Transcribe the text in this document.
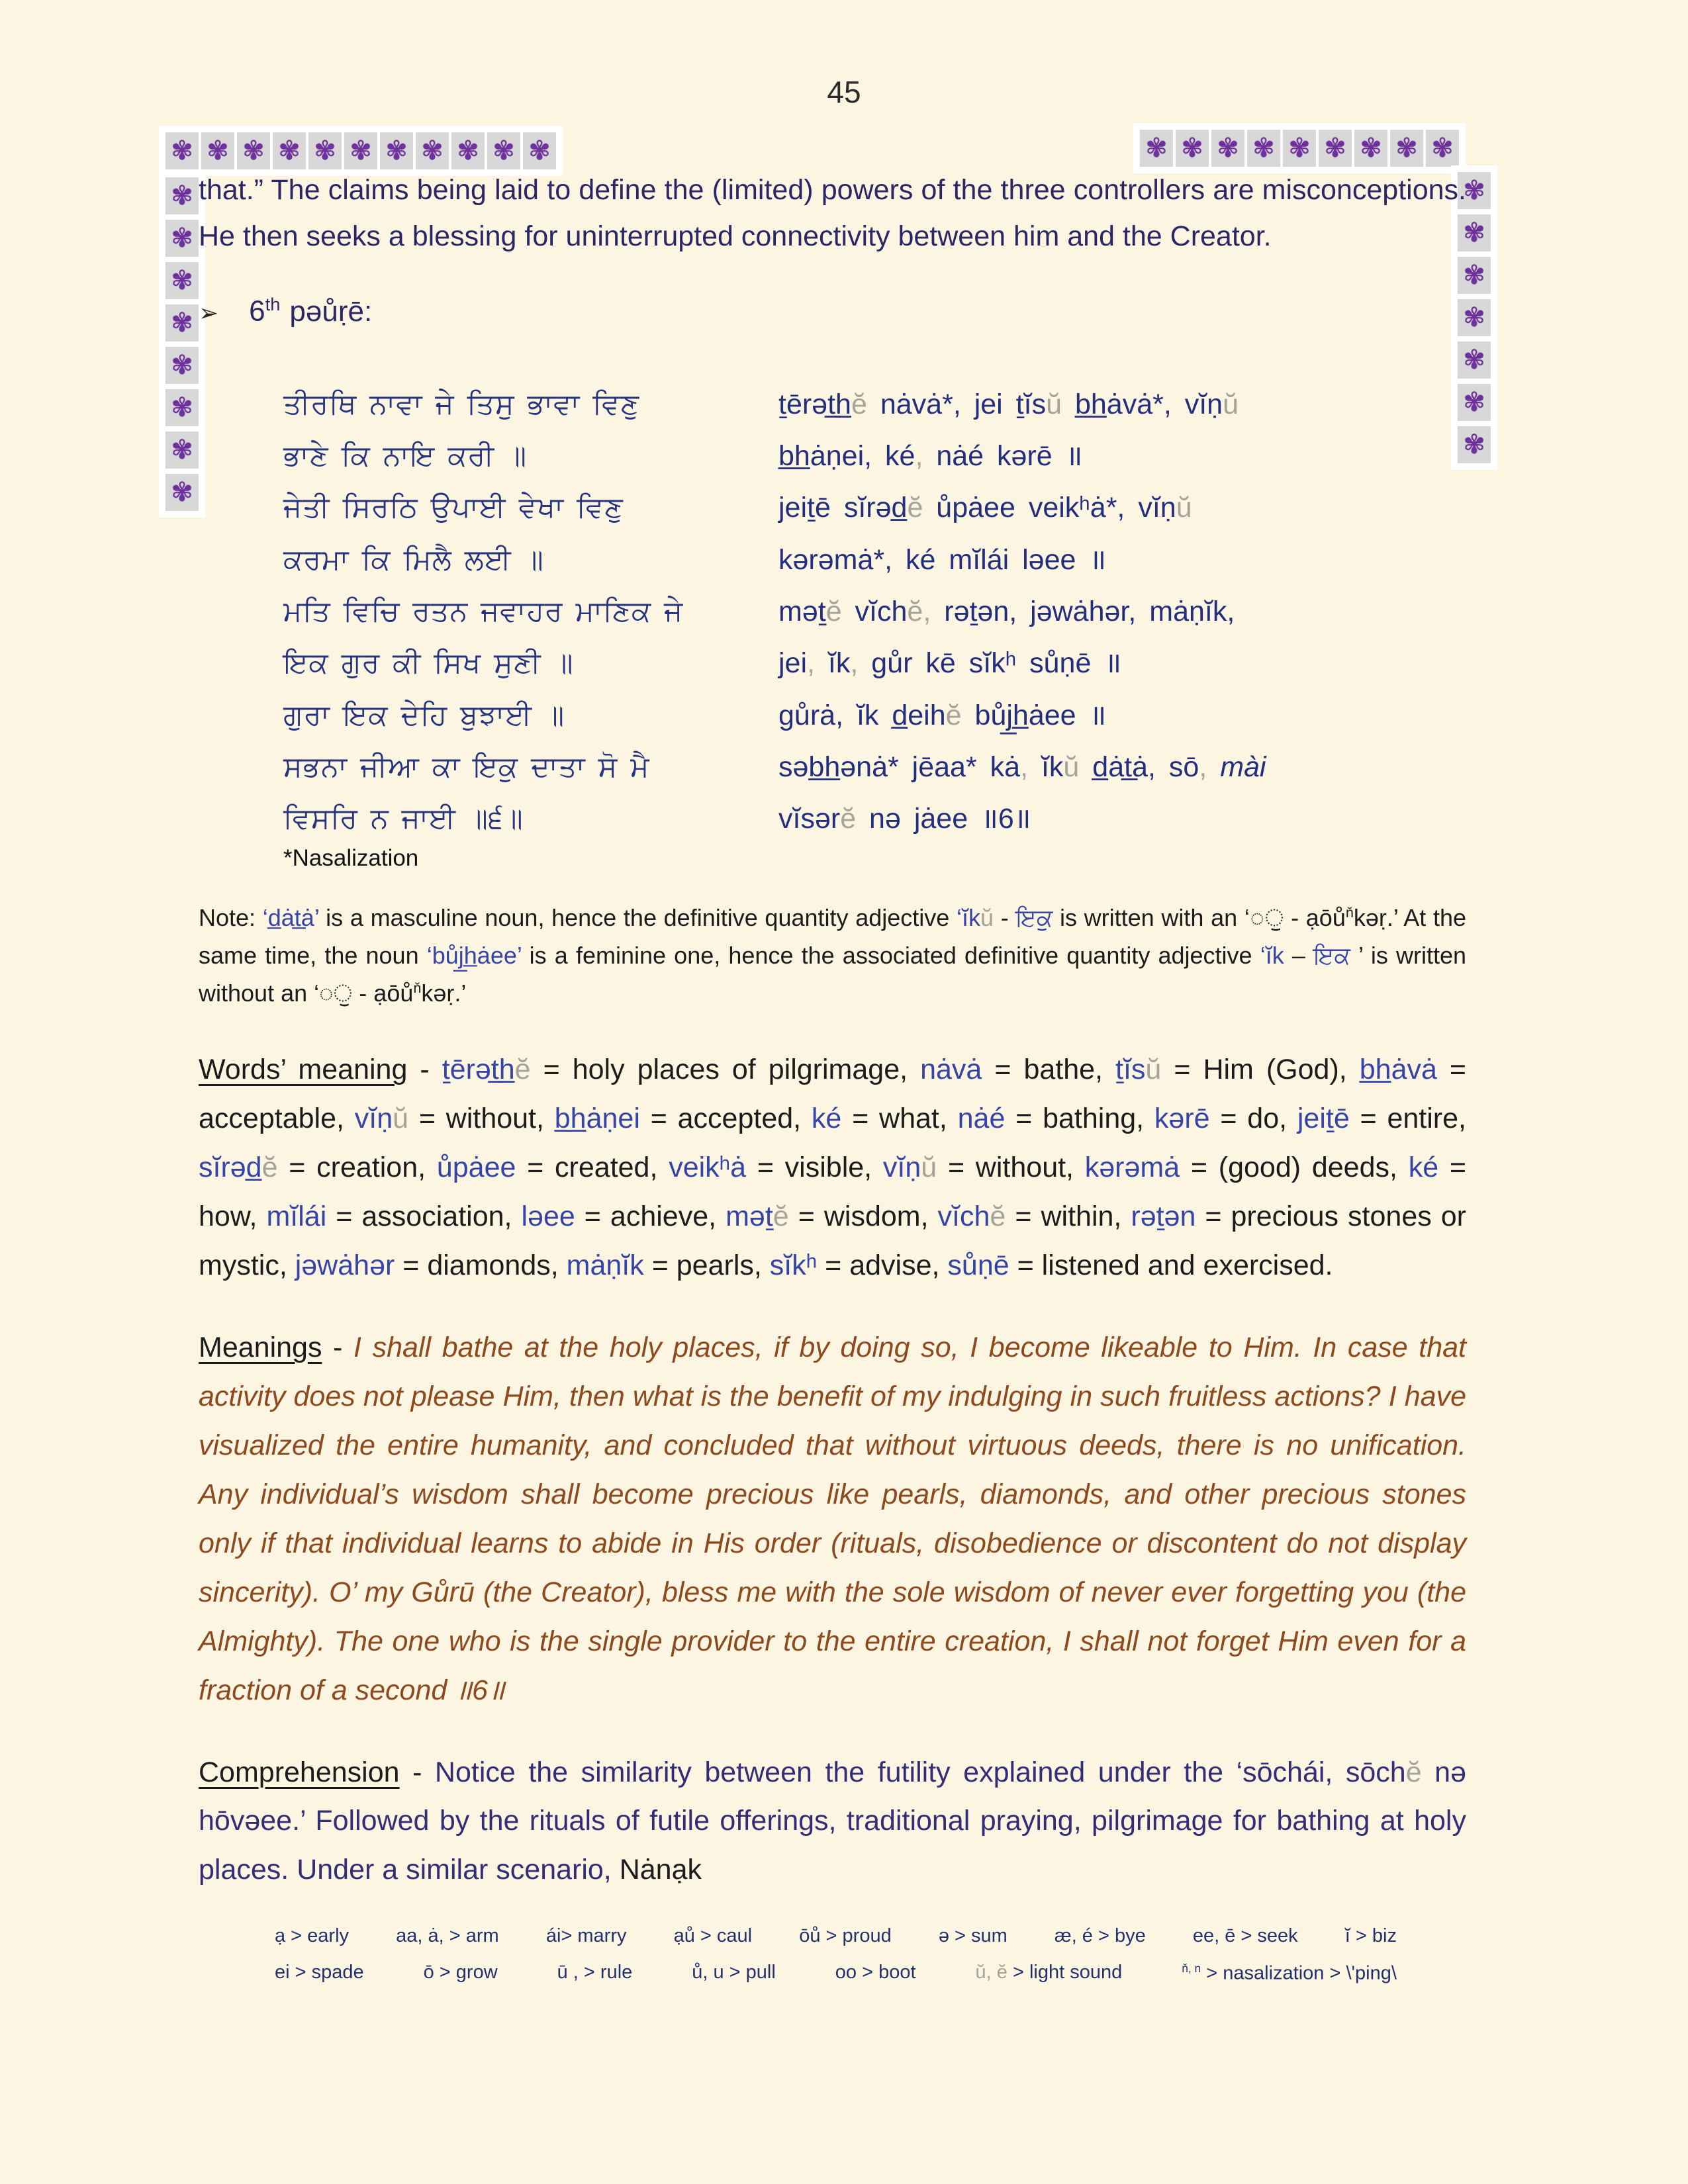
45
✾ ✾ ✾ ✾ ✾ ✾ ✾ ✾ ✾ ✾ ✾
✾
✾
✾
✾
✾
✾
✾
✾
✾ ✾ ✾ ✾ ✾ ✾ ✾ ✾ ✾
✾
✾
✾
✾
✾
✾
✾

that.” The claims being laid to define the (limited) powers of the three controllers are misconceptions. He then seeks a blessing for uninterrupted connectivity between him and the Creator.

➢ 6th pəůṛē:
ਤੀਰਥਿ ਨਾਵਾ ਜੇ ਤਿਸੁ ਭਾਵਾ ਵਿਣੁ	ṯērət̲h̲ĕ nȧvȧ*, jei ṯĭsŭ b̲h̲ȧvȧ*, vĭṇŭ
ਭਾਣੇ ਕਿ ਨਾਇ ਕਰੀ ॥	b̲h̲ȧṇei, ké, nȧé kərē ॥
ਜੇਤੀ ਸਿਰਠਿ ਉਪਾਈ ਵੇਖਾ ਵਿਣੁ	jeiṯē sĭrəd̲ĕ ůpȧee veikʰȧ*, vĭṇŭ
ਕਰਮਾ ਕਿ ਮਿਲੈ ਲਈ ॥	kərəmȧ*, ké mĭlái ləee ॥
ਮਤਿ ਵਿਚਿ ਰਤਨ ਜਵਾਹਰ ਮਾਣਿਕ ਜੇ	məṯĕ vĭchĕ, rəṯən, jəwȧhər, mȧṇĭk,
ਇਕ ਗੁਰ ਕੀ ਸਿਖ ਸੁਣੀ ॥	jei, ĭk, gůr kē sĭkʰ sůṇē ॥
ਗੁਰਾ ਇਕ ਦੇਹਿ ਬੁਝਾਈ ॥	gůrȧ, ĭk d̲eihĕ bůj̲h̲ȧee ॥
ਸਭਨਾ ਜੀਆ ਕਾ ਇਕੁ ਦਾਤਾ ਸੋ ਮੈ	səb̲h̲ənȧ* jēaa* kȧ, ĭkŭ d̲ȧt̲ȧ, sō, mài
ਵਿਸਰਿ ਨ ਜਾਈ ॥੬॥	vĭsərĕ nə jȧee ॥6॥
*Nasalization

Note: ‘d̲ȧt̲ȧ’ is a masculine noun, hence the definitive quantity adjective ‘ĭkŭ - ਇਕੁ is written with an ‘◌ੁ - ạōů$^ň$kəṛ.’ At the same time, the noun ‘bůj̲h̲ȧee’ is a feminine one, hence the associated definitive quantity adjective ‘ĭk – ਇਕ ’ is written without an ‘◌ੁ - ạōů$^ň$kəṛ.’

Words’ meaning - ṯērət̲h̲ĕ = holy places of pilgrimage, nȧvȧ = bathe, ṯĭsŭ = Him (God), b̲h̲ȧvȧ = acceptable, vĭṇŭ = without, b̲h̲ȧṇei = accepted, ké = what, nȧé = bathing, kərē = do, jeiṯē = entire, sĭrəd̲ĕ = creation, ůpȧee = created, veikʰȧ = visible, vĭṇŭ = without, kərəmȧ = (good) deeds, ké = how, mĭlái = association, ləee = achieve, məṯĕ = wisdom, vĭchĕ = within, rəṯən = precious stones or mystic, jəwȧhər = diamonds, mȧṇĭk = pearls, sĭkʰ = advise, sůṇē = listened and exercised.

Meanings - I shall bathe at the holy places, if by doing so, I become likeable to Him. In case that activity does not please Him, then what is the benefit of my indulging in such fruitless actions? I have visualized the entire humanity, and concluded that without virtuous deeds, there is no unification. Any individual’s wisdom shall become precious like pearls, diamonds, and other precious stones only if that individual learns to abide in His order (rituals, disobedience or discontent do not display sincerity). O’ my Gůrū (the Creator), bless me with the sole wisdom of never ever forgetting you (the Almighty). The one who is the single provider to the entire creation, I shall not forget Him even for a fraction of a second ॥6॥

Comprehension - Notice the similarity between the futility explained under the ‘sōchái, sōchĕ nə hōvəee.’ Followed by the rituals of futile offerings, traditional praying, pilgrimage for bathing at holy places. Under a similar scenario, Nȧnạk

ạ > early aa, ȧ, > arm ái> marry ạů > caul ōů > proud ə > sum æ, é > bye ee, ē > seek ĭ > biz
ei > spade	ō > grow	ū , > rule	ů, u > pull	oo > boot	ŭ, ĕ > light sound	$^{ň, n}$ > nasalization > \'ping\
